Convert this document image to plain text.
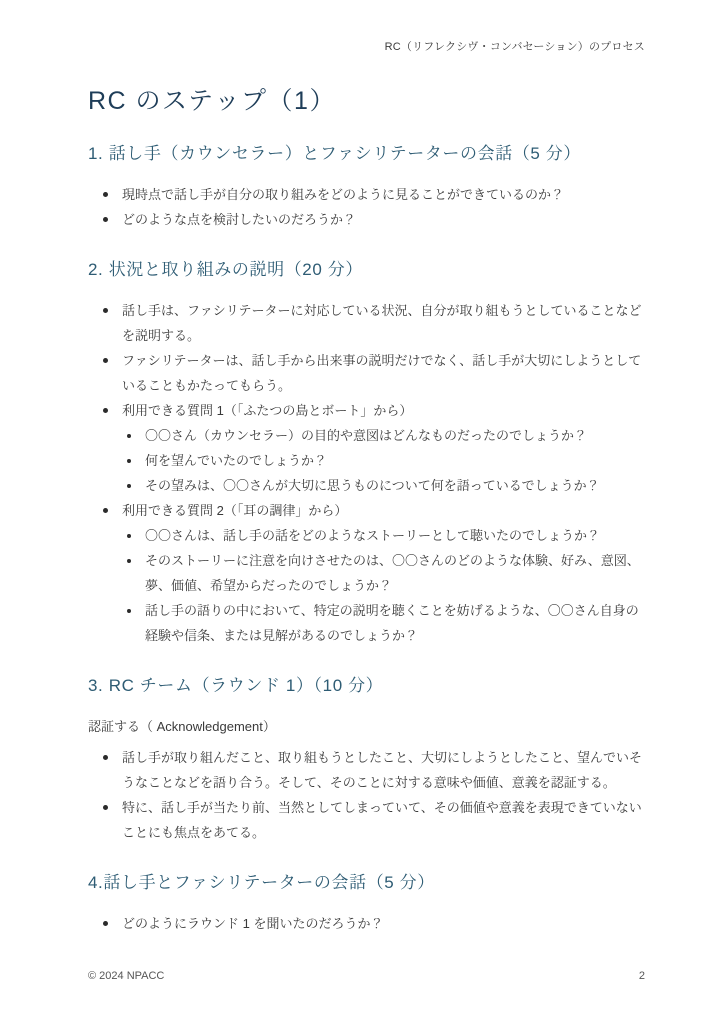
RC（リフレクシヴ・コンバセーション）のプロセス
RC のステップ（1）
1. 話し手（カウンセラー）とファシリテーターの会話（5 分）
現時点で話し手が自分の取り組みをどのように見ることができているのか？
どのような点を検討したいのだろうか？
2. 状況と取り組みの説明（20 分）
話し手は、ファシリテーターに対応している状況、自分が取り組もうとしていることなどを説明する。
ファシリテーターは、話し手から出来事の説明だけでなく、話し手が大切にしようとしていることもかたってもらう。
利用できる質問 1（「ふたつの島とボート」から）
〇〇さん（カウンセラー）の目的や意図はどんなものだったのでしょうか？
何を望んでいたのでしょうか？
その望みは、〇〇さんが大切に思うものについて何を語っているでしょうか？
利用できる質問 2（「耳の調律」から）
〇〇さんは、話し手の話をどのようなストーリーとして聴いたのでしょうか？
そのストーリーに注意を向けさせたのは、〇〇さんのどのような体験、好み、意図、夢、価値、希望からだったのでしょうか？
話し手の語りの中において、特定の説明を聴くことを妨げるような、〇〇さん自身の経験や信条、または見解があるのでしょうか？
3. RC チーム（ラウンド 1）（10 分）

認証する（ Acknowledgement）

話し手が取り組んだこと、取り組もうとしたこと、大切にしようとしたこと、望んでいそうなことなどを語り合う。そして、そのことに対する意味や価値、意義を認証する。
特に、話し手が当たり前、当然としてしまっていて、その価値や意義を表現できていないことにも焦点をあてる。
4.話し手とファシリテーターの会話（5 分）
どのようにラウンド 1 を聞いたのだろうか？
© 2024 NPACC	2
